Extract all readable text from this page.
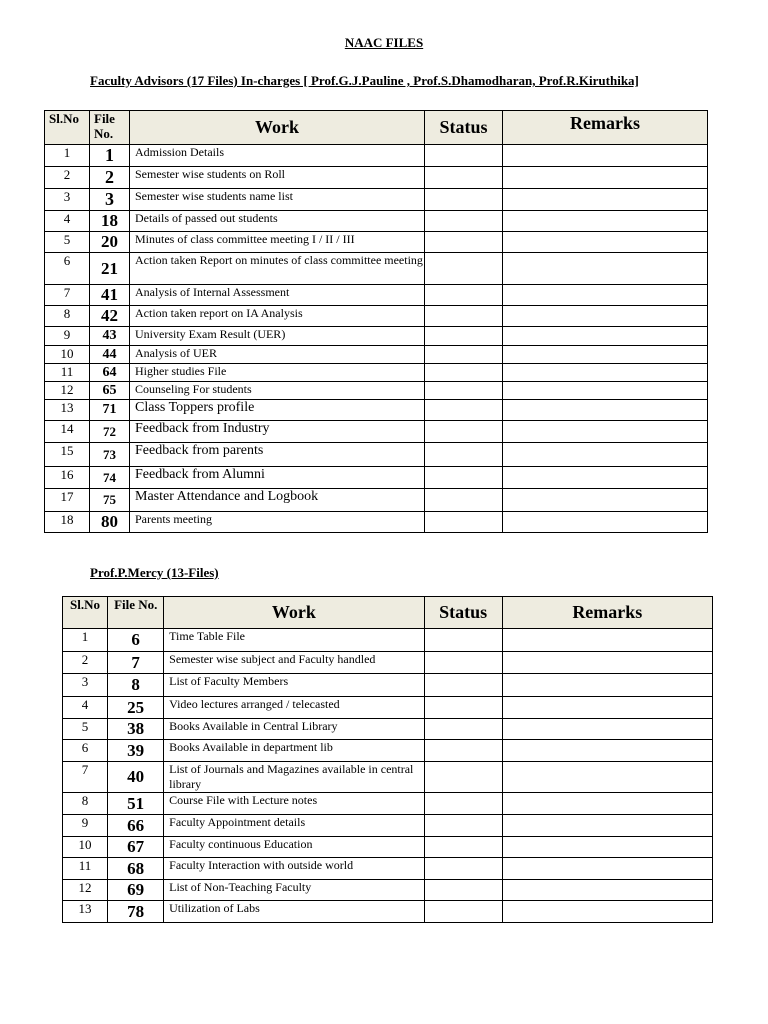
NAAC FILES
Faculty Advisors (17 Files) In-charges [ Prof.G.J.Pauline , Prof.S.Dhamodharan, Prof.R.Kiruthika]
Sl.No	File No.	Work	Status	Remarks
1	1	Admission Details		
2	2	Semester wise students on Roll		
3	3	Semester wise students name list		
4	18	Details of passed out students		
5	20	Minutes of class committee meeting I / II / III		
6	21	Action taken Report on minutes of class committee meeting		
7	41	Analysis of Internal Assessment		
8	42	Action taken report on IA Analysis		
9	43	University Exam Result (UER)		
10	44	Analysis of UER		
11	64	Higher studies File		
12	65	Counseling For students		
13	71	Class Toppers profile		
14	72	Feedback from Industry		
15	73	Feedback from parents		
16	74	Feedback from Alumni		
17	75	Master Attendance and Logbook		
18	80	Parents meeting		
Prof.P.Mercy (13-Files)
Sl.No	File No.	Work	Status	Remarks
1	6	Time Table File		
2	7	Semester wise subject and Faculty handled		
3	8	List of Faculty Members		
4	25	Video lectures arranged / telecasted		
5	38	Books Available in Central Library		
6	39	Books Available in department lib		
7	40	List of Journals and Magazines available in central library		
8	51	Course File with Lecture notes		
9	66	Faculty Appointment details		
10	67	Faculty continuous Education		
11	68	Faculty Interaction with outside world		
12	69	List of Non-Teaching Faculty		
13	78	Utilization of Labs		
